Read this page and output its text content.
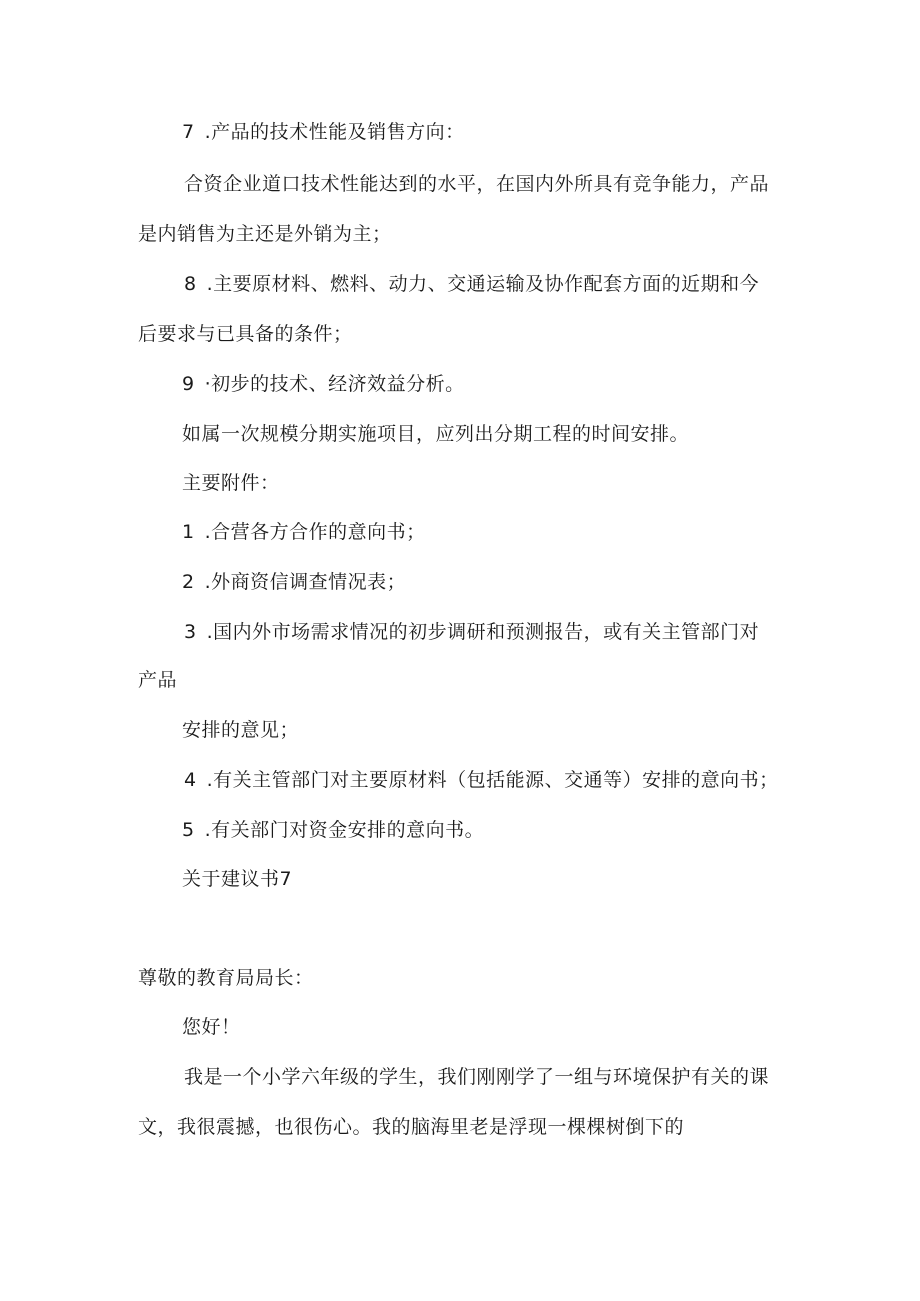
7 .产品的技术性能及销售方向：
合资企业道口技术性能达到的水平，在国内外所具有竞争能力，产品
是内销售为主还是外销为主；
8 .主要原材料、燃料、动力、交通运输及协作配套方面的近期和今
后要求与已具备的条件；
9 ·初步的技术、经济效益分析。
如属一次规模分期实施项目，应列出分期工程的时间安排。
主要附件：
1 .合营各方合作的意向书；
2 .外商资信调查情况表；
3 .国内外市场需求情况的初步调研和预测报告，或有关主管部门对
产品
安排的意见；
4 .有关主管部门对主要原材料（包括能源、交通等）安排的意向书；
5 .有关部门对资金安排的意向书。
关于建议书7
尊敬的教育局局长：
您好！
我是一个小学六年级的学生，我们刚刚学了一组与环境保护有关的课
文，我很震撼，也很伤心。我的脑海里老是浮现一棵棵树倒下的
